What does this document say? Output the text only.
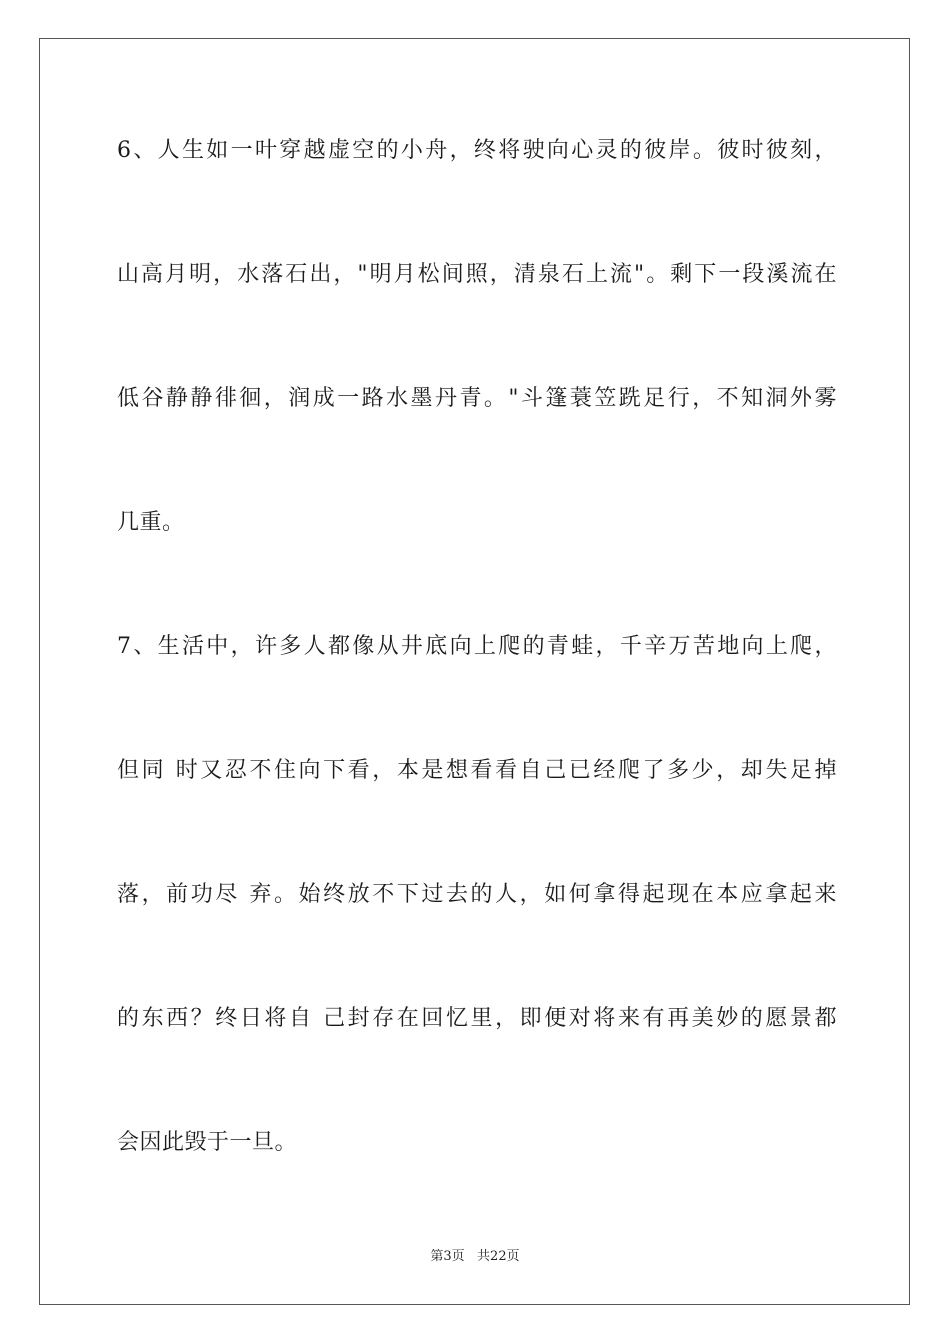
6、人生如一叶穿越虚空的小舟，终将驶向心灵的彼岸。彼时彼刻，
山高月明，水落石出，"明月松间照，清泉石上流"。剩下一段溪流在
低谷静静徘徊，润成一路水墨丹青。"斗篷蓑笠跣足行，不知洞外雾
几重。
7、生活中，许多人都像从井底向上爬的青蛙，千辛万苦地向上爬，
但同 时又忍不住向下看，本是想看看自己已经爬了多少，却失足掉
落，前功尽 弃。始终放不下过去的人，如何拿得起现在本应拿起来
的东西？终日将自 己封存在回忆里，即便对将来有再美妙的愿景都
会因此毁于一旦。
第3页   共22页
